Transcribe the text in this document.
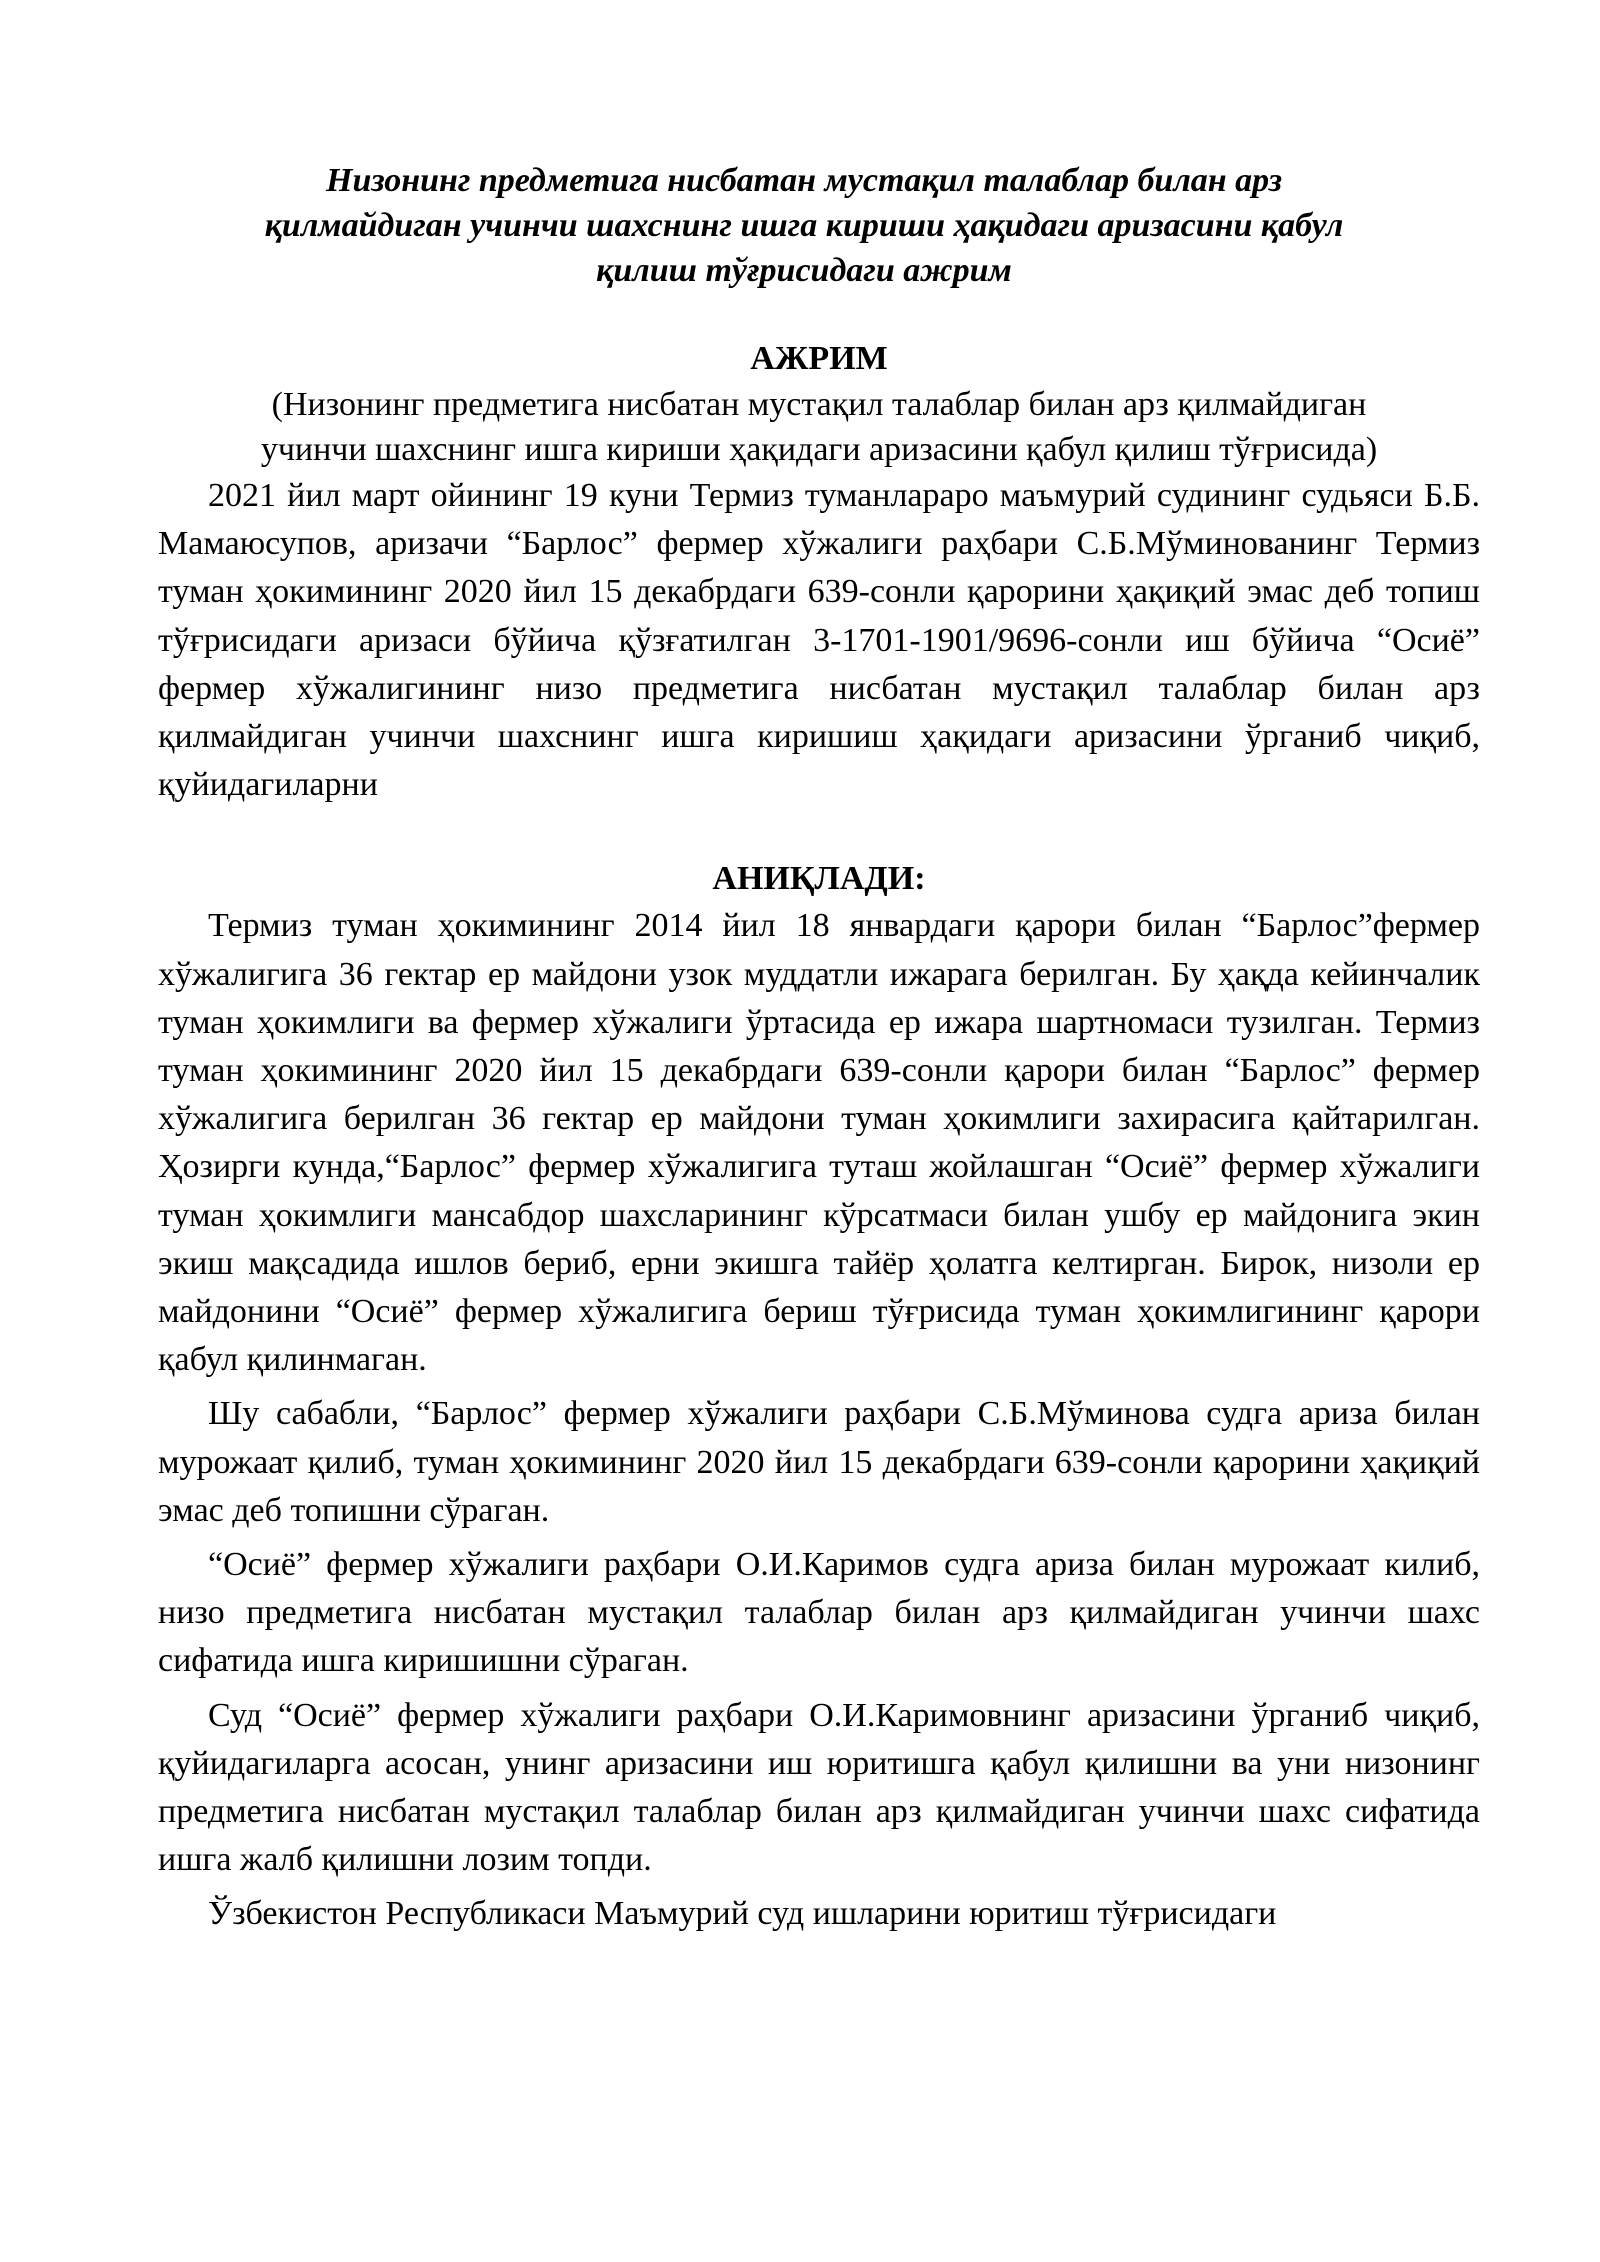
Низонинг предметига нисбатан мустақил талаблар билан арз
қилмайдиган учинчи шахснинг ишга кириши ҳақидаги аризасини қабул
қилиш тўғрисидаги ажрим

АЖРИМ

(Низонинг предметига нисбатан мустақил талаблар билан арз қилмайдиган
учинчи шахснинг ишга кириши ҳақидаги аризасини қабул қилиш тўғрисида)

2021 йил март ойининг 19 куни Термиз туманлараро маъмурий судининг судьяси Б.Б. Мамаюсупов, аризачи “Барлос” фермер хўжалиги раҳбари С.Б.Мўминованинг Термиз туман ҳокимининг 2020 йил 15 декабрдаги 639-сонли қарорини ҳақиқий эмас деб топиш тўғрисидаги аризаси бўйича қўзғатилган 3-1701-1901/9696-сонли иш бўйича “Осиё” фермер хўжалигининг низо предметига нисбатан мустақил талаблар билан арз қилмайдиган учинчи шахснинг ишга киришиш ҳақидаги аризасини ўрганиб чиқиб, қуйидагиларни

АНИҚЛАДИ:

Термиз туман ҳокимининг 2014 йил 18 январдаги қарори билан “Барлос”фермер хўжалигига 36 гектар ер майдони узок муддатли ижарага берилган. Бу ҳақда кейинчалик туман ҳокимлиги ва фермер хўжалиги ўртасида ер ижара шартномаси тузилган. Термиз туман ҳокимининг 2020 йил 15 декабрдаги 639-сонли қарори билан “Барлос” фермер хўжалигига берилган 36 гектар ер майдони туман ҳокимлиги захирасига қайтарилган. Ҳозирги кунда,“Барлос” фермер хўжалигига туташ жойлашган “Осиё” фермер хўжалиги туман ҳокимлиги мансабдор шахсларининг кўрсатмаси билан ушбу ер майдонига экин экиш мақсадида ишлов бериб, ерни экишга тайёр ҳолатга келтирган. Бирок, низоли ер майдонини “Осиё” фермер хўжалигига бериш тўғрисида туман ҳокимлигининг қарори қабул қилинмаган.

Шу сабабли, “Барлос” фермер хўжалиги раҳбари С.Б.Мўминова судга ариза билан мурожаат қилиб, туман ҳокимининг 2020 йил 15 декабрдаги 639-сонли қарорини ҳақиқий эмас деб топишни сўраган.

“Осиё” фермер хўжалиги раҳбари О.И.Каримов судга ариза билан мурожаат килиб, низо предметига нисбатан мустақил талаблар билан арз қилмайдиган учинчи шахс сифатида ишга киришишни сўраган.

Суд “Осиё” фермер хўжалиги раҳбари О.И.Каримовнинг аризасини ўрганиб чиқиб, қуйидагиларга асосан, унинг аризасини иш юритишга қабул қилишни ва уни низонинг предметига нисбатан мустақил талаблар билан арз қилмайдиган учинчи шахс сифатида ишга жалб қилишни лозим топди.

Ўзбекистон Республикаси Маъмурий суд ишларини юритиш тўғрисидаги
